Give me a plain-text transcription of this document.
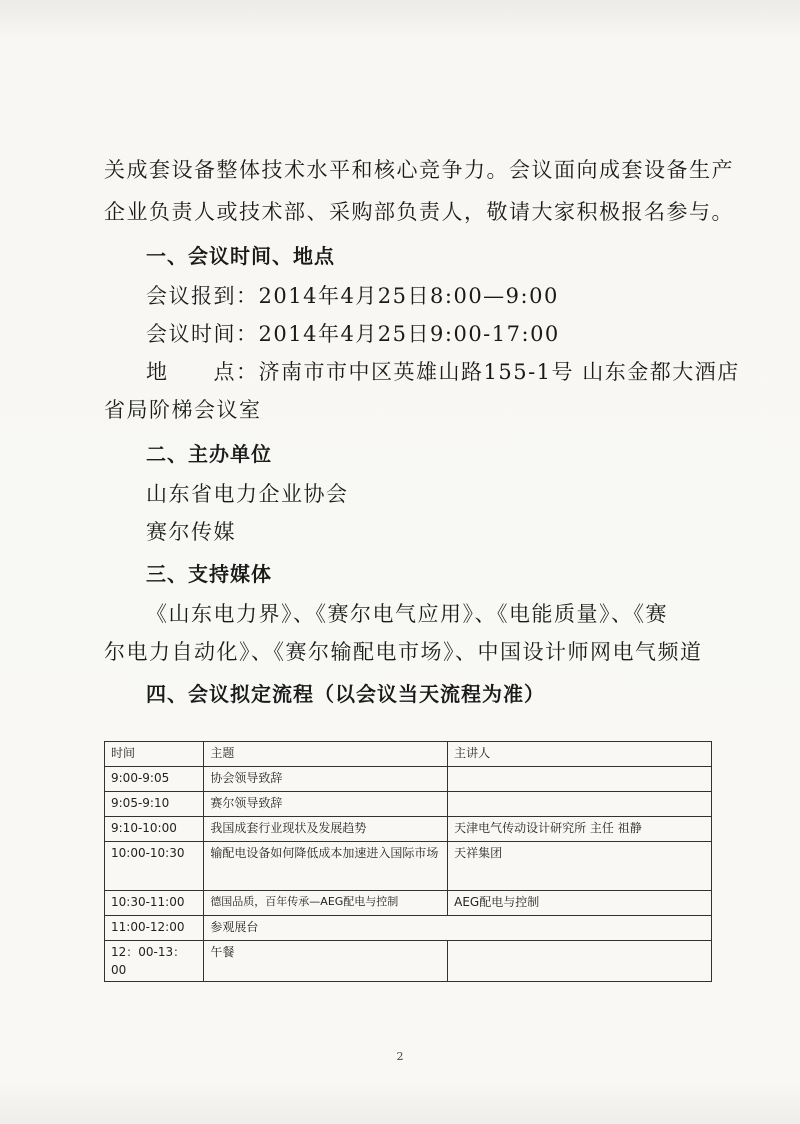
关成套设备整体技术水平和核心竞争力。会议面向成套设备生产
企业负责人或技术部、采购部负责人，敬请大家积极报名参与。
一、会议时间、地点
会议报到：2014年4月25日8:00—9:00
会议时间：2014年4月25日9:00-17:00
地　　点：济南市市中区英雄山路155-1号 山东金都大酒店
省局阶梯会议室
二、主办单位
山东省电力企业协会
赛尔传媒
三、支持媒体
《山东电力界》、《赛尔电气应用》、《电能质量》、《赛
尔电力自动化》、《赛尔输配电市场》、中国设计师网电气频道
四、会议拟定流程（以会议当天流程为准）
时间	主题	主讲人
9:00-9:05	协会领导致辞	
9:05-9:10	赛尔领导致辞	
9:10-10:00	我国成套行业现状及发展趋势	天津电气传动设计研究所 主任 祖静
10:00-10:30	输配电设备如何降低成本加速进入国际市场	天祥集团
10:30-11:00	德国品质，百年传承—AEG配电与控制	AEG配电与控制
11:00-12:00	参观展台	
12：00-13：00	午餐	
2
